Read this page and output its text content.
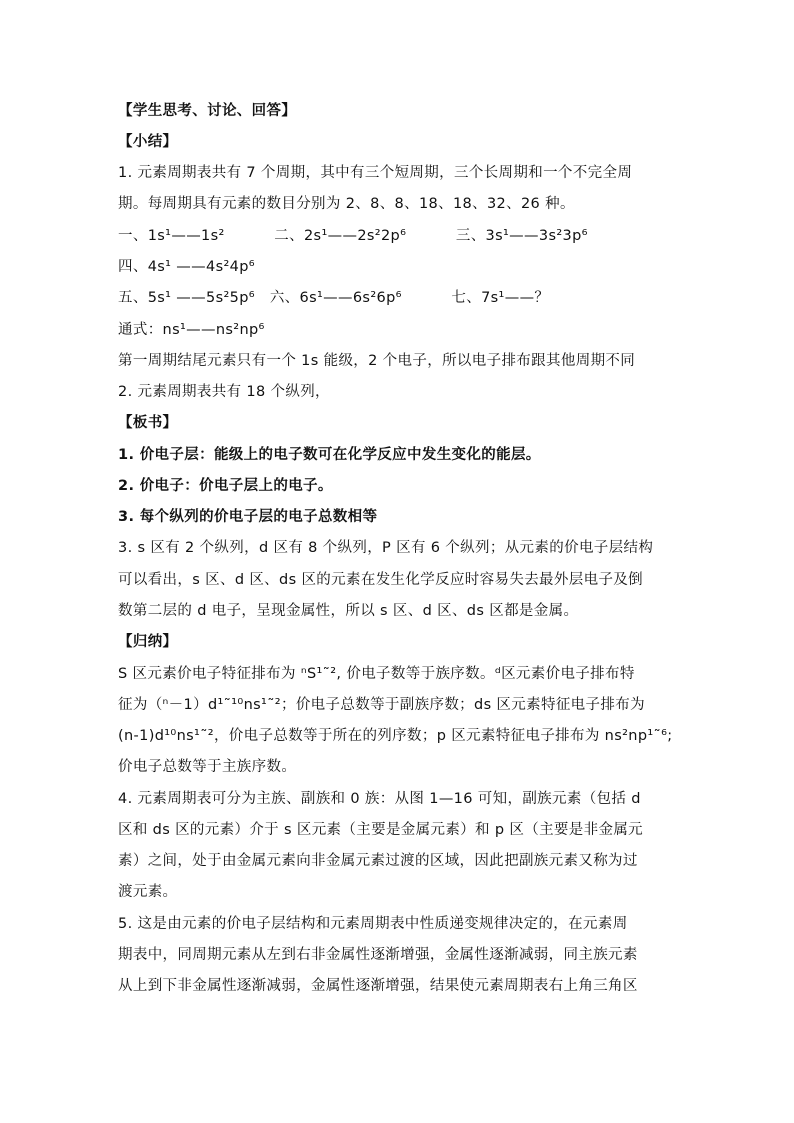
【学生思考、讨论、回答】
【小结】
1. 元素周期表共有 7 个周期，其中有三个短周期，三个长周期和一个不完全周
期。每周期具有元素的数目分别为 2、8、8、18、18、32、26 种。
一、1s¹——1s²          二、2s¹——2s²2p⁶          三、3s¹——3s²3p⁶
四、4s¹ ——4s²4p⁶
五、5s¹ ——5s²5p⁶   六、6s¹——6s²6p⁶          七、7s¹——？
通式：ns¹——ns²np⁶
第一周期结尾元素只有一个 1s 能级，2 个电子，所以电子排布跟其他周期不同
2. 元素周期表共有 18 个纵列，
【板书】
1. 价电子层：能级上的电子数可在化学反应中发生变化的能层。
2. 价电子：价电子层上的电子。
3. 每个纵列的价电子层的电子总数相等
3. s 区有 2 个纵列，d 区有 8 个纵列，P 区有 6 个纵列；从元素的价电子层结构
可以看出，s 区、d 区、ds 区的元素在发生化学反应时容易失去最外层电子及倒
数第二层的 d 电子，呈现金属性，所以 s 区、d 区、ds 区都是金属。
【归纳】
S 区元素价电子特征排布为 ⁿS¹˜², 价电子数等于族序数。ᵈ区元素价电子排布特
征为（ⁿ－1）d¹˜¹⁰ns¹˜²；价电子总数等于副族序数；ds 区元素特征电子排布为
(n-1)d¹⁰ns¹˜²，价电子总数等于所在的列序数；p 区元素特征电子排布为 ns²np¹˜⁶;
价电子总数等于主族序数。
4. 元素周期表可分为主族、副族和 0 族：从图 1—16 可知，副族元素（包括 d
区和 ds 区的元素）介于 s 区元素（主要是金属元素）和 p 区（主要是非金属元
素）之间，处于由金属元素向非金属元素过渡的区域，因此把副族元素又称为过
渡元素。
5. 这是由元素的价电子层结构和元素周期表中性质递变规律决定的，在元素周
期表中，同周期元素从左到右非金属性逐渐增强，金属性逐渐减弱，同主族元素
从上到下非金属性逐渐减弱，金属性逐渐增强，结果使元素周期表右上角三角区
